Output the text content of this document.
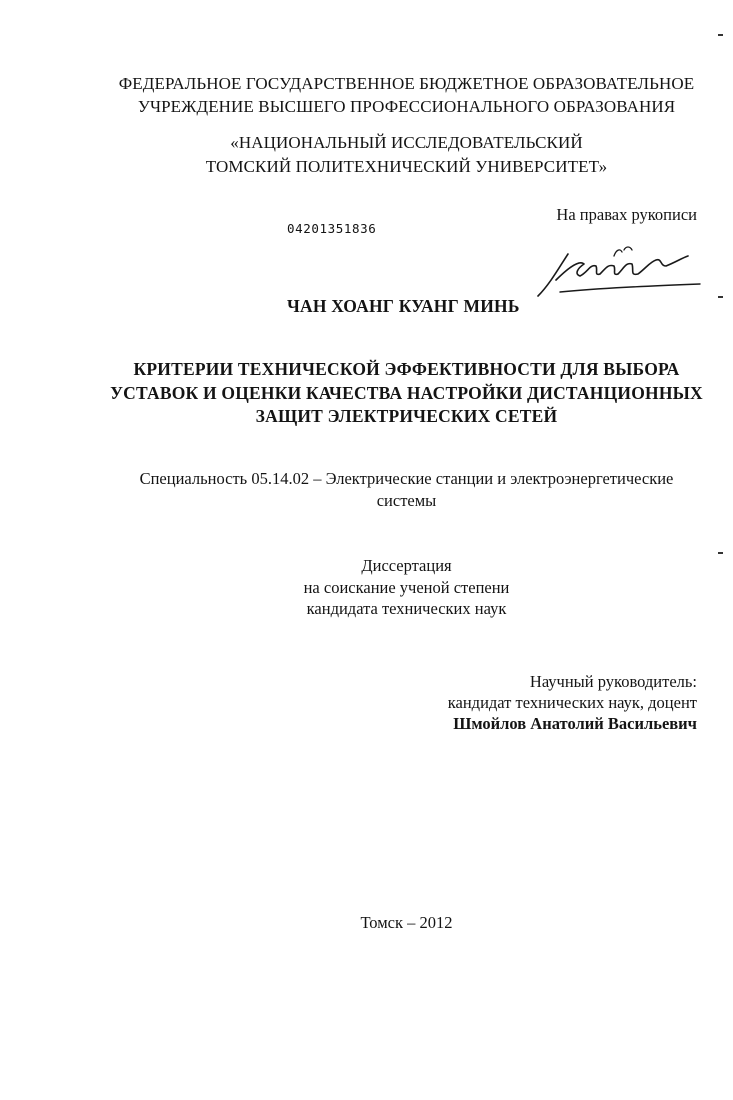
ФЕДЕРАЛЬНОЕ ГОСУДАРСТВЕННОЕ БЮДЖЕТНОЕ ОБРАЗОВАТЕЛЬНОЕ
УЧРЕЖДЕНИЕ ВЫСШЕГО ПРОФЕССИОНАЛЬНОГО ОБРАЗОВАНИЯ
«НАЦИОНАЛЬНЫЙ ИССЛЕДОВАТЕЛЬСКИЙ
ТОМСКИЙ ПОЛИТЕХНИЧЕСКИЙ УНИВЕРСИТЕТ»
04201351836
На правах рукописи
ЧАН ХОАНГ КУАНГ МИНЬ
КРИТЕРИИ ТЕХНИЧЕСКОЙ ЭФФЕКТИВНОСТИ ДЛЯ ВЫБОРА
УСТАВОК И ОЦЕНКИ КАЧЕСТВА НАСТРОЙКИ ДИСТАНЦИОННЫХ
ЗАЩИТ ЭЛЕКТРИЧЕСКИХ СЕТЕЙ
Специальность 05.14.02 – Электрические станции и электроэнергетические
системы
Диссертация
на соискание ученой степени
кандидата технических наук
Научный руководитель:
кандидат технических наук, доцент
Шмойлов Анатолий Васильевич
Томск – 2012
